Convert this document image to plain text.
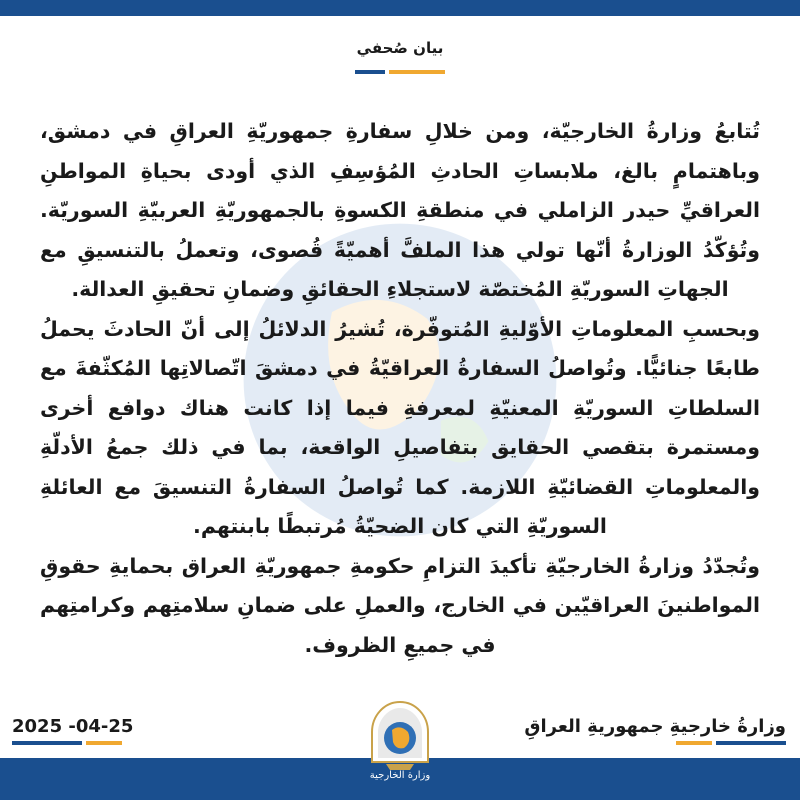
بيان صُحفي

تُتابعُ وزارةُ الخارجيّة، ومن خلالِ سفارةِ جمهوريّةِ العراقِ في دمشق، وباهتمامٍ بالغ، ملابساتِ الحادثِ المُؤسِفِ الذي أودى بحياةِ المواطنِ العراقيِّ حيدر الزاملي في منطقةِ الكسوةِ بالجمهوريّةِ العربيّةِ السوريّة. وتُؤكّدُ الوزارةُ أنّها تولي هذا الملفَّ أهميّةً قُصوى، وتعملُ بالتنسيقِ مع الجهاتِ السوريّةِ المُختصّة لاستجلاءِ الحقائقِ وضمانِ تحقيقِ العدالة.

وبحسبِ المعلوماتِ الأوّليةِ المُتوفّرة، تُشيرُ الدلائلُ إلى أنّ الحادثَ يحملُ طابعًا جنائيًّا. وتُواصلُ السفارةُ العراقيّةُ في دمشقَ اتّصالاتِها المُكثّفةَ مع السلطاتِ السوريّةِ المعنيّةِ لمعرفةِ فيما إذا كانت هناك دوافع أخرى ومستمرة بتقصي الحقايق بتفاصيلِ الواقعة، بما في ذلك جمعُ الأدلّةِ والمعلوماتِ القضائيّةِ اللازمة. كما تُواصلُ السفارةُ التنسيقَ مع العائلةِ السوريّةِ التي كان الضحيّةُ مُرتبطًا بابنتهم.

وتُجدّدُ وزارةُ الخارجيّةِ تأكيدَ التزامِ حكومةِ جمهوريّةِ العراق بحمايةِ حقوقِ المواطنينَ العراقيّين في الخارج، والعملِ على ضمانِ سلامتِهم وكرامتِهم في جميعِ الظروف.

2025 -04-25	وزارةُ خارجيةِ جمهوريةِ العراقِ
وزارة الخارجية
